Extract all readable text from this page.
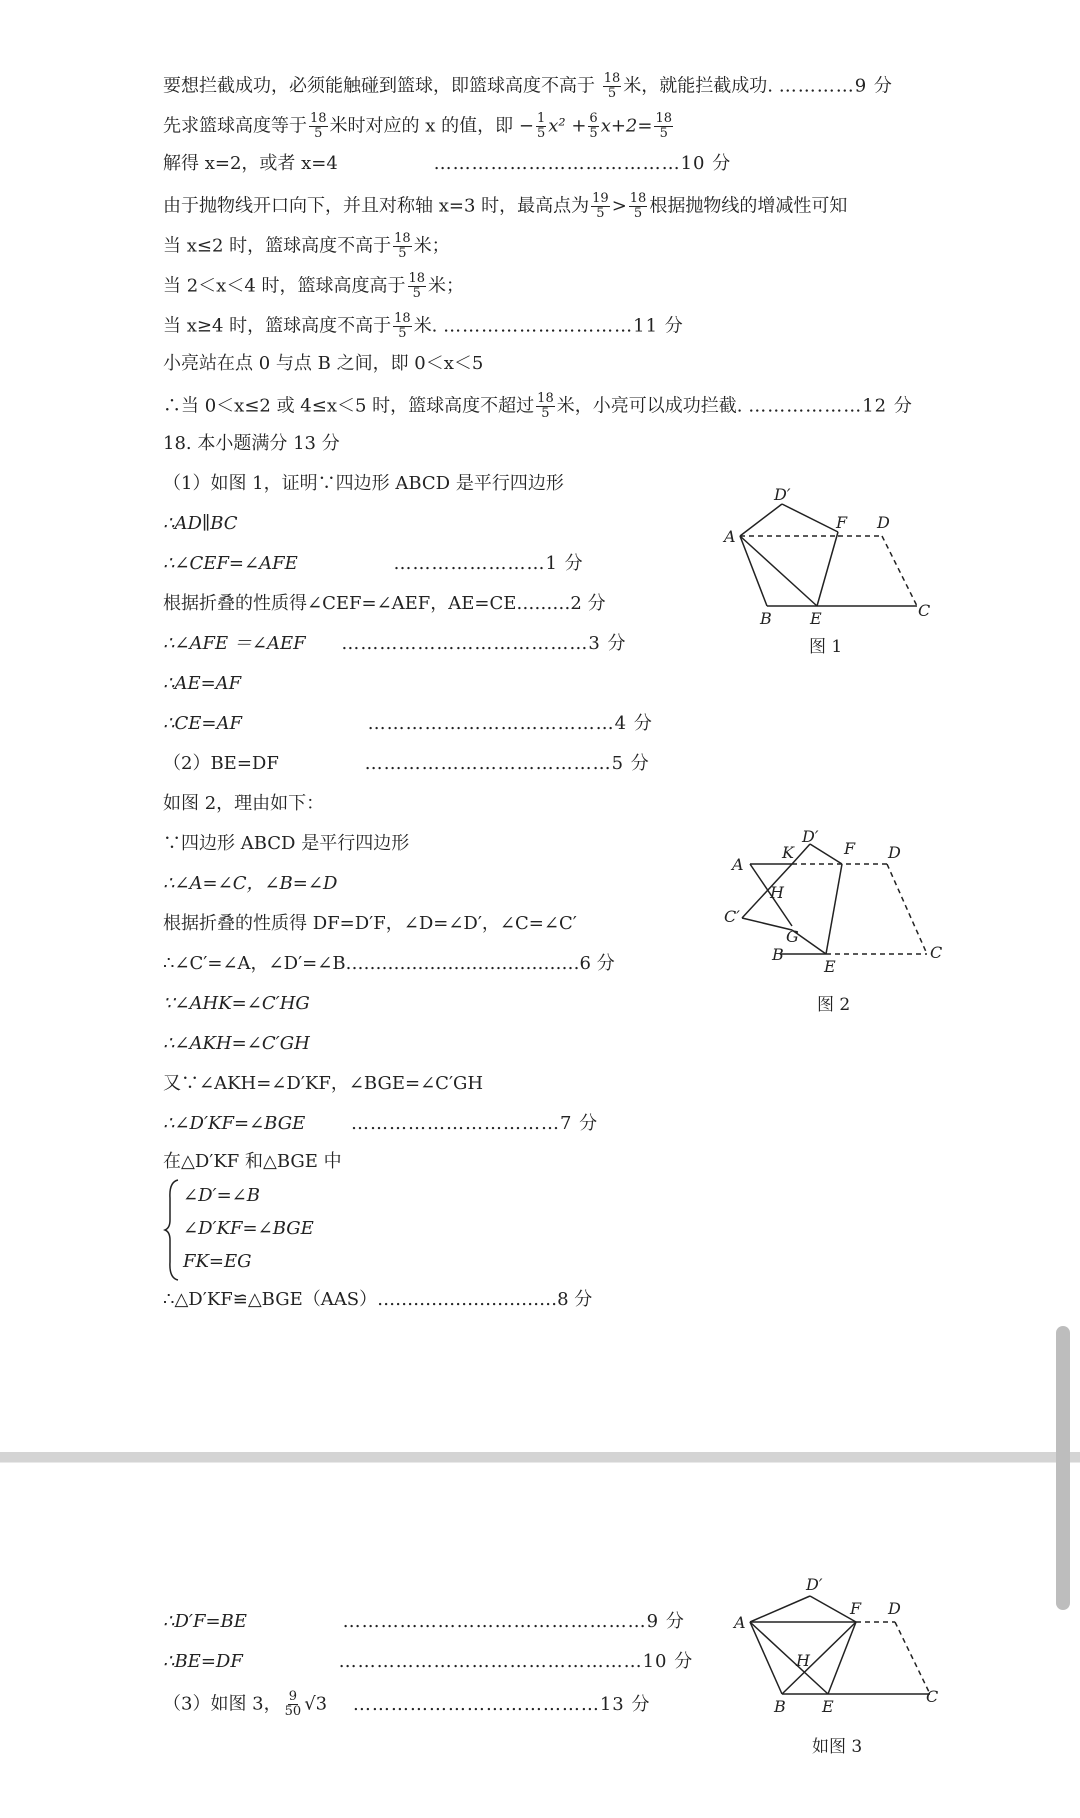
要想拦截成功，必须能触碰到篮球，即篮球高度不高于 $\frac{18}{5}$ 米，就能拦截成功. …………9 分
先求篮球高度等于 $\frac{18}{5}$ 米时对应的 x 的值，即 − $\frac{1}{5} x^2 + \frac{6}{5} x+2= \frac{18}{5}$
解得 x=2，或者 x=4	…………………………………10 分
由于抛物线开口向下，并且对称轴 x=3 时，最高点为 $\frac{19}{5} > \frac{18}{5}$ 根据抛物线的增减性可知
当 x≤2 时，篮球高度不高于 $\frac{18}{5}$ 米；
当 2＜x＜4 时，篮球高度高于 $\frac{18}{5}$ 米；
当 x≥4 时，篮球高度不高于 $\frac{18}{5}$ 米. …………………………11 分
小亮站在点 0 与点 B 之间，即 0＜x＜5
∴当 0＜x≤2 或 4≤x＜5 时，篮球高度不超过 $\frac{18}{5}$ 米，小亮可以成功拦截. ………………12 分
18. 本小题满分 13 分
（1）如图 1，证明∵四边形 ABCD 是平行四边形
∴AD∥BC
∴∠CEF=∠AFE	……………………1 分
根据折叠的性质得∠CEF=∠AEF，AE=CE………2 分
∴∠AFE ＝∠AEF …………………………………3 分
∴AE=AF
∴CE=AF	…………………………………4 分
（2）BE=DF	…………………………………5 分
如图 2，理由如下：
∵四边形 ABCD 是平行四边形
∴∠A=∠C，∠B=∠D
根据折叠的性质得 DF=D′F，∠D=∠D′，∠C=∠C′
∴∠C′=∠A，∠D′=∠B…………………………………6 分
∵∠AHK=∠C′HG
∴∠AKH=∠C′GH
又∵∠AKH=∠D′KF，∠BGE=∠C′GH
∴∠D′KF=∠BGE	……………………………7 分
在△D′KF 和△BGE 中
∠D′=∠B
∠D′KF=∠BGE
FK=EG
∴△D′KF≌△BGE（AAS）…………………………8 分
A
B	C
D
E
F
D′
图 1
A
B	C
D
E
F
D′
K
H
G
C′
图 2
∴D′F=BE	…………………………………………9 分
∴BE=DF	…………………………………………10 分
（3）如图 3， $\frac{9}{50} √3$ …………………………………13 分
A
B
C
D
E
F
D′
H
如图 3
